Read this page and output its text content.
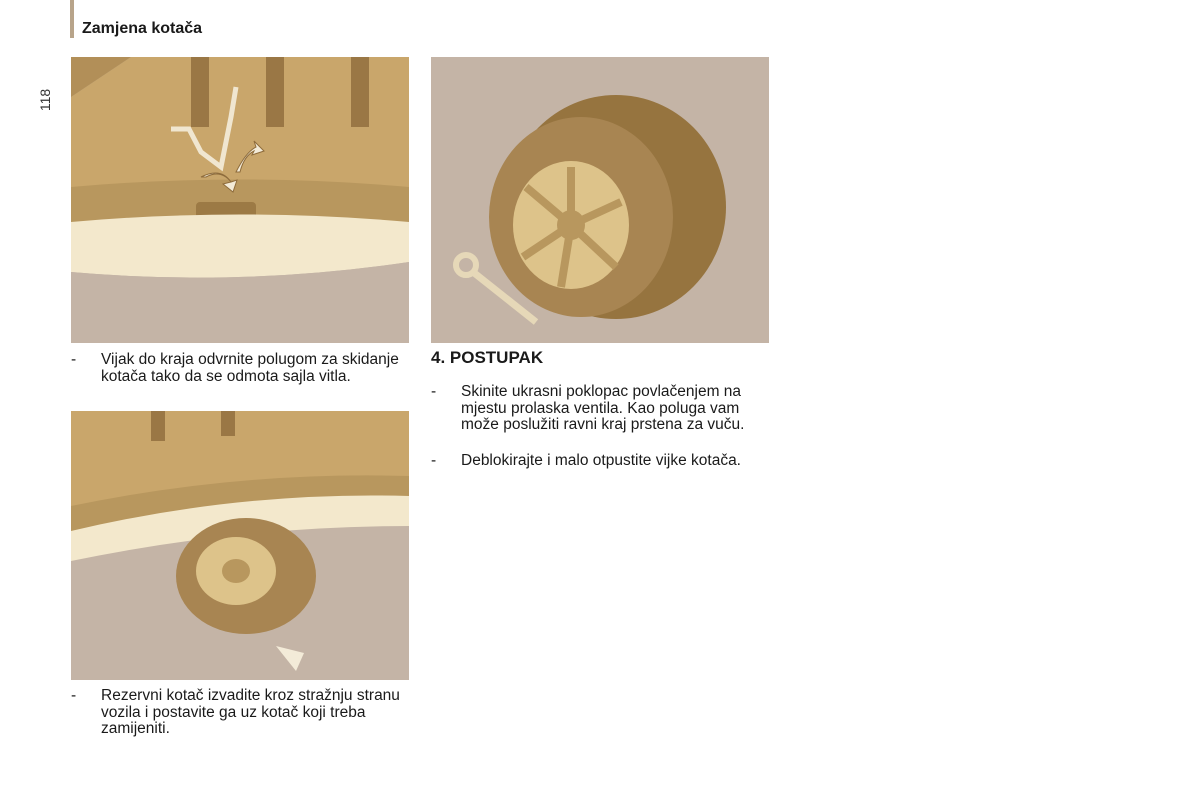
Zamjena kotača
118
- Vijak do kraja odvrnite polugom za skidanje kotača tako da se odmota sajla vitla.
- Rezervni kotač izvadite kroz stražnju stranu vozila i postavite ga uz kotač koji treba zamijeniti.
4. POSTUPAK
- Skinite ukrasni poklopac povlačenjem na mjestu prolaska ventila. Kao poluga vam može poslužiti ravni kraj prstena za vuču.
- Deblokirajte i malo otpustite vijke kotača.
